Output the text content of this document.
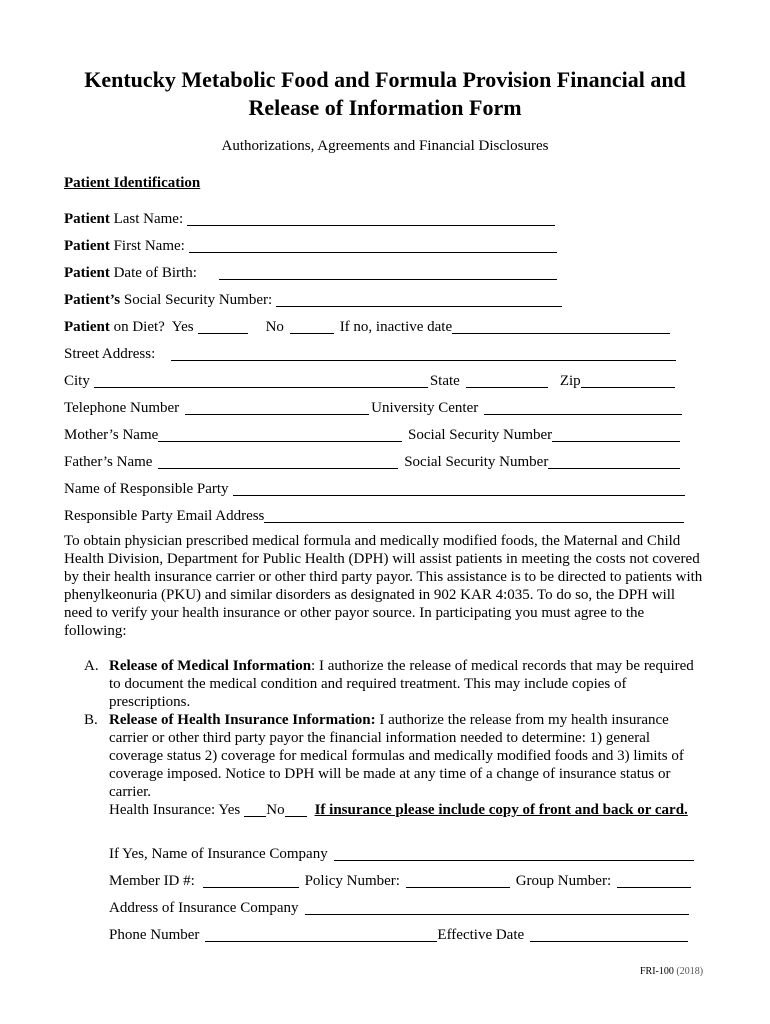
Kentucky Metabolic Food and Formula Provision Financial and
Release of Information Form
Authorizations, Agreements and Financial Disclosures
Patient Identification
Patient Last Name:
Patient First Name:
Patient Date of Birth:
Patient’s Social Security Number:
Patient on Diet?  Yes	No	If no, inactive date
Street Address:
City	State	Zip
Telephone Number	University Center
Mother’s Name	Social Security Number
Father’s Name	Social Security Number
Name of Responsible Party
Responsible Party Email Address
To obtain physician prescribed medical formula and medically modified foods, the Maternal and Child Health Division, Department for Public Health (DPH) will assist patients in meeting the costs not covered by their health insurance carrier or other third party payor. This assistance is to be directed to patients with phenylkeonuria (PKU) and similar disorders as designated in 902 KAR 4:035. To do so, the DPH will need to verify your health insurance or other payor source. In participating you must agree to the following:
A. Release of Medical Information: I authorize the release of medical records that may be required to document the medical condition and required treatment. This may include copies of prescriptions.
B. Release of Health Insurance Information: I authorize the release from my health insurance carrier or other third party payor the financial information needed to determine: 1) general coverage status 2) coverage for medical formulas and medically modified foods and 3) limits of coverage imposed. Notice to DPH will be made at any time of a change of insurance status or carrier.
Health Insurance: Yes No If insurance please include copy of front and back or card.
If Yes, Name of Insurance Company
Member ID #:	Policy Number:	Group Number:
Address of Insurance Company
Phone Number	Effective Date
FRI-100 (2018)
